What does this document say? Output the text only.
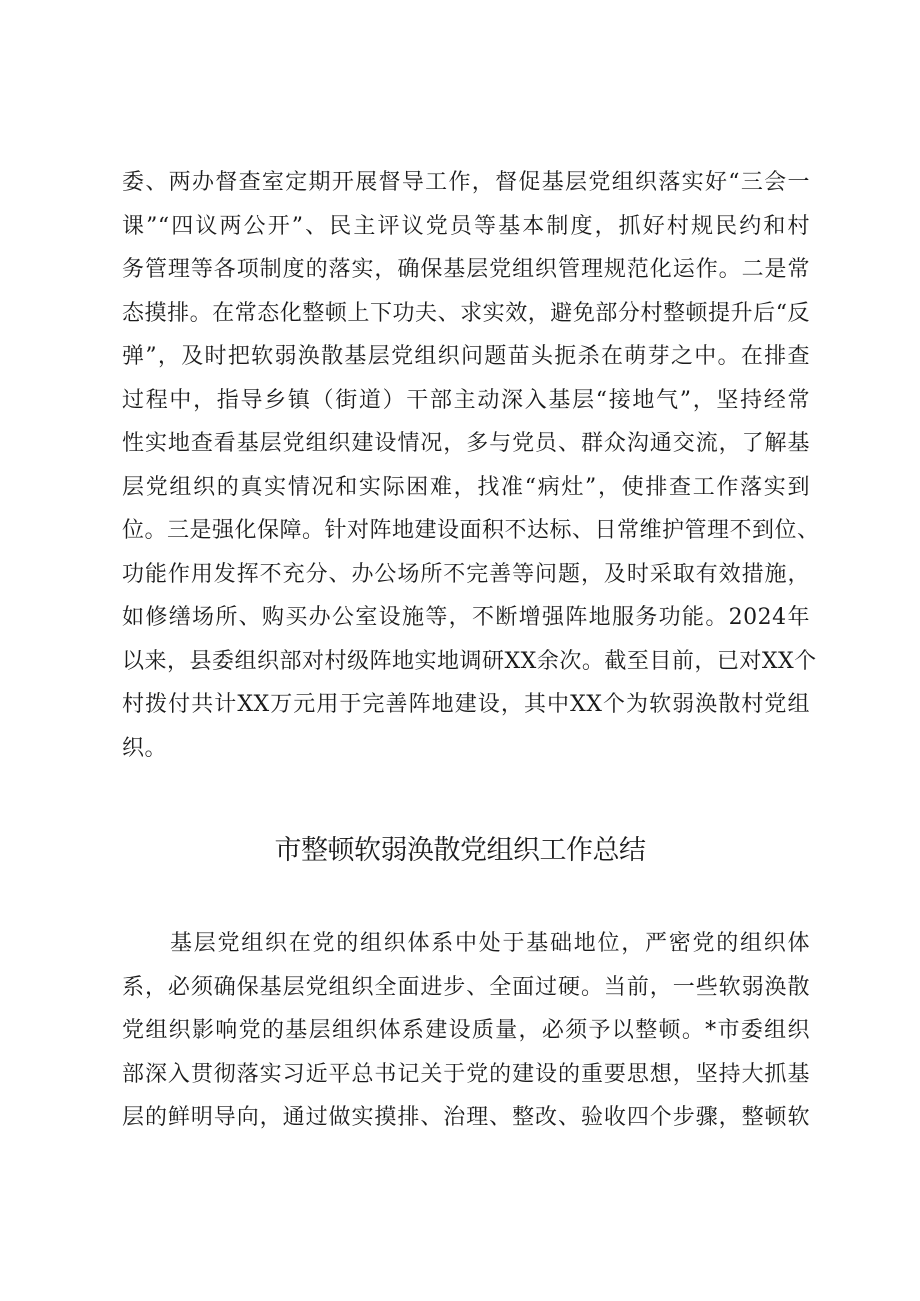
委、两办督查室定期开展督导工作，督促基层党组织落实好“三会一
课”“四议两公开”、民主评议党员等基本制度，抓好村规民约和村
务管理等各项制度的落实，确保基层党组织管理规范化运作。二是常
态摸排。在常态化整顿上下功夫、求实效，避免部分村整顿提升后“反
弹”，及时把软弱涣散基层党组织问题苗头扼杀在萌芽之中。在排查
过程中，指导乡镇（街道）干部主动深入基层“接地气”，坚持经常
性实地查看基层党组织建设情况，多与党员、群众沟通交流，了解基
层党组织的真实情况和实际困难，找准“病灶”，使排查工作落实到
位。三是强化保障。针对阵地建设面积不达标、日常维护管理不到位、
功能作用发挥不充分、办公场所不完善等问题，及时采取有效措施，
如修缮场所、购买办公室设施等，不断增强阵地服务功能。2024年
以来，县委组织部对村级阵地实地调研XX余次。截至目前，已对XX个
村拨付共计XX万元用于完善阵地建设，其中XX个为软弱涣散村党组
织。
市整顿软弱涣散党组织工作总结
基层党组织在党的组织体系中处于基础地位，严密党的组织体
系，必须确保基层党组织全面进步、全面过硬。当前，一些软弱涣散
党组织影响党的基层组织体系建设质量，必须予以整顿。*市委组织
部深入贯彻落实习近平总书记关于党的建设的重要思想，坚持大抓基
层的鲜明导向，通过做实摸排、治理、整改、验收四个步骤，整顿软
